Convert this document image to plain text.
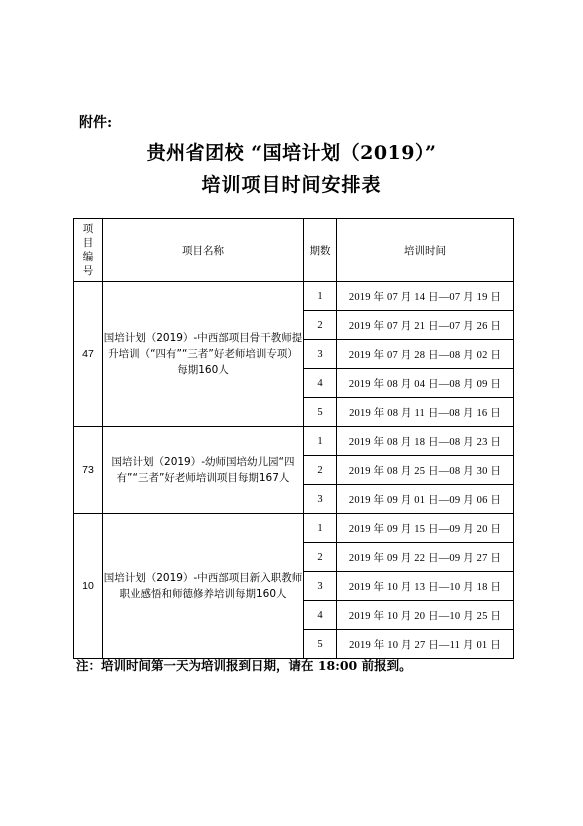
附件:
贵州省团校 “国培计划（2019）”
培训项目时间安排表
项
目
编
号	项目名称	期数	培训时间
47	国培计划（2019）-中西部项目骨干教师提升培训（“四有”“三者”好老师培训专项）每期160人	1	2019 年 07 月 14 日—07 月 19 日
		2	2019 年 07 月 21 日—07 月 26 日
		3	2019 年 07 月 28 日—08 月 02 日
		4	2019 年 08 月 04 日—08 月 09 日
		5	2019 年 08 月 11 日—08 月 16 日
73	国培计划（2019）-幼师国培幼儿园“四有”“三者”好老师培训项目每期167人	1	2019 年 08 月 18 日—08 月 23 日
		2	2019 年 08 月 25 日—08 月 30 日
		3	2019 年 09 月 01 日—09 月 06 日
10	国培计划（2019）-中西部项目新入职教师职业感悟和师德修养培训每期160人	1	2019 年 09 月 15 日—09 月 20 日
		2	2019 年 09 月 22 日—09 月 27 日
		3	2019 年 10 月 13 日—10 月 18 日
		4	2019 年 10 月 20 日—10 月 25 日
		5	2019 年 10 月 27 日—11 月 01 日
注：培训时间第一天为培训报到日期，请在 18:00 前报到。
